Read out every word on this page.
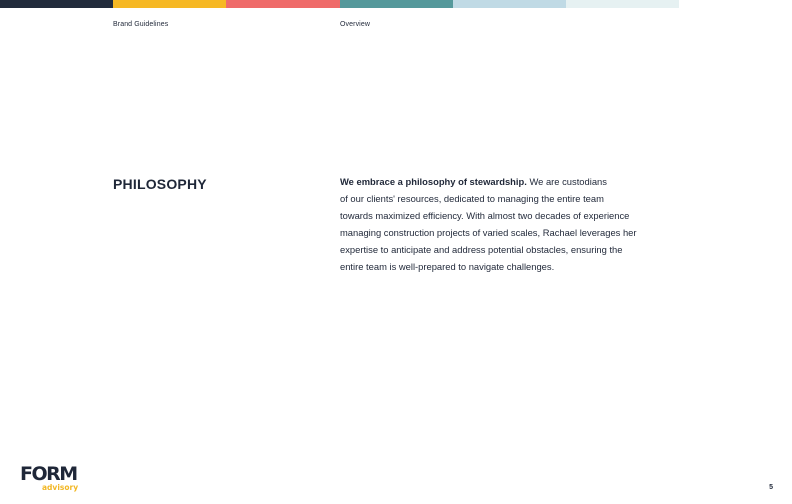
Brand Guidelines	Overview
PHILOSOPHY	We embrace a philosophy of stewardship. We are custodians
of our clients' resources, dedicated to managing the entire team
towards maximized efficiency. With almost two decades of experience
managing construction projects of varied scales, Rachael leverages her
expertise to anticipate and address potential obstacles, ensuring the
entire team is well-prepared to navigate challenges.
FORM
advisory	5
